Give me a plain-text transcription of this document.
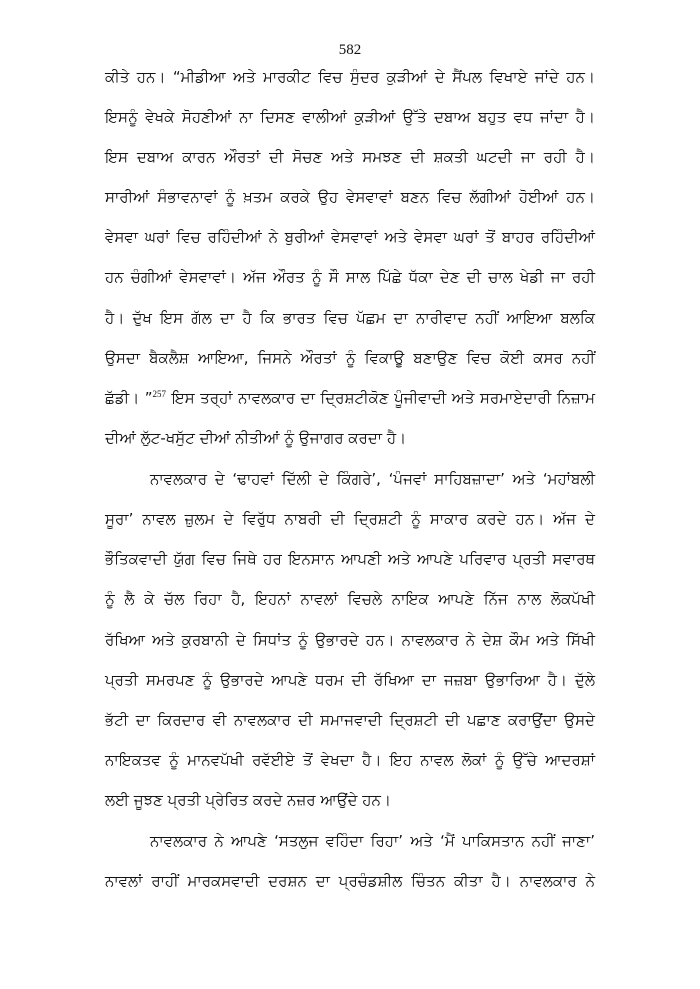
582
ਕੀਤੇ ਹਨ। “ਮੀਡੀਆ ਅਤੇ ਮਾਰਕੀਟ ਵਿਚ ਸੁੰਦਰ ਕੁੜੀਆਂ ਦੇ ਸੈਂਪਲ ਵਿਖਾਏ ਜਾਂਦੇ ਹਨ।
ਇਸਨੂੰ ਵੇਖਕੇ ਸੋਹਣੀਆਂ ਨਾ ਦਿਸਣ ਵਾਲੀਆਂ ਕੁੜੀਆਂ ਉੱਤੇ ਦਬਾਅ ਬਹੁਤ ਵਧ ਜਾਂਦਾ ਹੈ।
ਇਸ ਦਬਾਅ ਕਾਰਨ ਔਰਤਾਂ ਦੀ ਸੋਚਣ ਅਤੇ ਸਮਝਣ ਦੀ ਸ਼ਕਤੀ ਘਟਦੀ ਜਾ ਰਹੀ ਹੈ।
ਸਾਰੀਆਂ ਸੰਭਾਵਨਾਵਾਂ ਨੂੰ ਖ਼ਤਮ ਕਰਕੇ ਉਹ ਵੇਸਵਾਵਾਂ ਬਣਨ ਵਿਚ ਲੱਗੀਆਂ ਹੋਈਆਂ ਹਨ।
ਵੇਸਵਾ ਘਰਾਂ ਵਿਚ ਰਹਿੰਦੀਆਂ ਨੇ ਬੁਰੀਆਂ ਵੇਸਵਾਵਾਂ ਅਤੇ ਵੇਸਵਾ ਘਰਾਂ ਤੋਂ ਬਾਹਰ ਰਹਿੰਦੀਆਂ
ਹਨ ਚੰਗੀਆਂ ਵੇਸਵਾਵਾਂ। ਅੱਜ ਔਰਤ ਨੂੰ ਸੌ ਸਾਲ ਪਿੱਛੇ ਧੱਕਾ ਦੇਣ ਦੀ ਚਾਲ ਖੇਡੀ ਜਾ ਰਹੀ
ਹੈ। ਦੁੱਖ ਇਸ ਗੱਲ ਦਾ ਹੈ ਕਿ ਭਾਰਤ ਵਿਚ ਪੱਛਮ ਦਾ ਨਾਰੀਵਾਦ ਨਹੀਂ ਆਇਆ ਬਲਕਿ
ਉਸਦਾ ਬੈਕਲੈਸ਼ ਆਇਆ, ਜਿਸਨੇ ਔਰਤਾਂ ਨੂੰ ਵਿਕਾਊ ਬਣਾਉਣ ਵਿਚ ਕੋਈ ਕਸਰ ਨਹੀਂ
ਛੱਡੀ। ”$^{257}$ ਇਸ ਤਰ੍ਹਾਂ ਨਾਵਲਕਾਰ ਦਾ ਦ੍ਰਿਸ਼ਟੀਕੋਣ ਪੂੰਜੀਵਾਦੀ ਅਤੇ ਸਰਮਾਏਦਾਰੀ ਨਿਜ਼ਾਮ
ਦੀਆਂ ਲੁੱਟ-ਖਸੁੱਟ ਦੀਆਂ ਨੀਤੀਆਂ ਨੂੰ ਉਜਾਗਰ ਕਰਦਾ ਹੈ।
ਨਾਵਲਕਾਰ ਦੇ ‘ਢਾਹਵਾਂ ਦਿੱਲੀ ਦੇ ਕਿੰਗਰੇ’, ‘ਪੰਜਵਾਂ ਸਾਹਿਬਜ਼ਾਦਾ’ ਅਤੇ ‘ਮਹਾਂਬਲੀ
ਸੂਰਾ’ ਨਾਵਲ ਜ਼ੁਲਮ ਦੇ ਵਿਰੁੱਧ ਨਾਬਰੀ ਦੀ ਦ੍ਰਿਸ਼ਟੀ ਨੂੰ ਸਾਕਾਰ ਕਰਦੇ ਹਨ। ਅੱਜ ਦੇ
ਭੌਤਿਕਵਾਦੀ ਯੁੱਗ ਵਿਚ ਜਿਥੇ ਹਰ ਇਨਸਾਨ ਆਪਣੀ ਅਤੇ ਆਪਣੇ ਪਰਿਵਾਰ ਪ੍ਰਤੀ ਸਵਾਰਥ
ਨੂੰ ਲੈ ਕੇ ਚੱਲ ਰਿਹਾ ਹੈ, ਇਹਨਾਂ ਨਾਵਲਾਂ ਵਿਚਲੇ ਨਾਇਕ ਆਪਣੇ ਨਿੱਜ ਨਾਲ ਲੋਕਪੱਖੀ
ਰੱਖਿਆ ਅਤੇ ਕੁਰਬਾਨੀ ਦੇ ਸਿਧਾਂਤ ਨੂੰ ਉਭਾਰਦੇ ਹਨ। ਨਾਵਲਕਾਰ ਨੇ ਦੇਸ਼ ਕੌਮ ਅਤੇ ਸਿੱਖੀ
ਪ੍ਰਤੀ ਸਮਰਪਣ ਨੂੰ ਉਭਾਰਦੇ ਆਪਣੇ ਧਰਮ ਦੀ ਰੱਖਿਆ ਦਾ ਜਜ਼ਬਾ ਉਭਾਰਿਆ ਹੈ। ਦੁੱਲੇ
ਭੱਟੀ ਦਾ ਕਿਰਦਾਰ ਵੀ ਨਾਵਲਕਾਰ ਦੀ ਸਮਾਜਵਾਦੀ ਦ੍ਰਿਸ਼ਟੀ ਦੀ ਪਛਾਣ ਕਰਾਉਂਦਾ ਉਸਦੇ
ਨਾਇਕਤਵ ਨੂੰ ਮਾਨਵਪੱਖੀ ਰਵੱਈਏ ਤੋਂ ਵੇਖਦਾ ਹੈ। ਇਹ ਨਾਵਲ ਲੋਕਾਂ ਨੂੰ ਉੱਚੇ ਆਦਰਸ਼ਾਂ
ਲਈ ਜੂਝਣ ਪ੍ਰਤੀ ਪ੍ਰੇਰਿਤ ਕਰਦੇ ਨਜ਼ਰ ਆਉਂਦੇ ਹਨ।
ਨਾਵਲਕਾਰ ਨੇ ਆਪਣੇ ‘ਸਤਲੁਜ ਵਹਿੰਦਾ ਰਿਹਾ’ ਅਤੇ ‘ਮੈਂ ਪਾਕਿਸਤਾਨ ਨਹੀਂ ਜਾਣਾ’
ਨਾਵਲਾਂ ਰਾਹੀਂ ਮਾਰਕਸਵਾਦੀ ਦਰਸ਼ਨ ਦਾ ਪ੍ਰਚੰਡਸ਼ੀਲ ਚਿੰਤਨ ਕੀਤਾ ਹੈ। ਨਾਵਲਕਾਰ ਨੇ
